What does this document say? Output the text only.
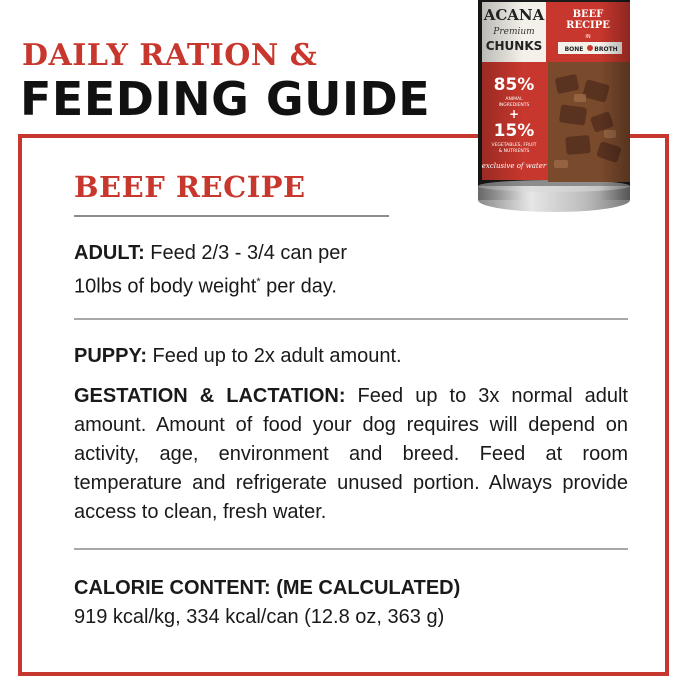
DAILY RATION &
FEEDING GUIDE
ACANA
Premium
CHUNKS
BEEF
RECIPE
IN
BONE BROTH
85%
ANIMAL
INGREDIENTS
+
15%
VEGETABLES, FRUIT
& NUTRIENTS
exclusive of water
BEEF RECIPE
ADULT: Feed 2/3 - 3/4 can per
10lbs of body weight* per day.
PUPPY: Feed up to 2x adult amount.
GESTATION & LACTATION: Feed up to 3x normal adult amount. Amount of food your dog requires will depend on activity, age, environment and breed. Feed at room temperature and refrigerate unused portion. Always provide access to clean, fresh water.
CALORIE CONTENT: (ME CALCULATED)
919 kcal/kg, 334 kcal/can (12.8 oz, 363 g)
